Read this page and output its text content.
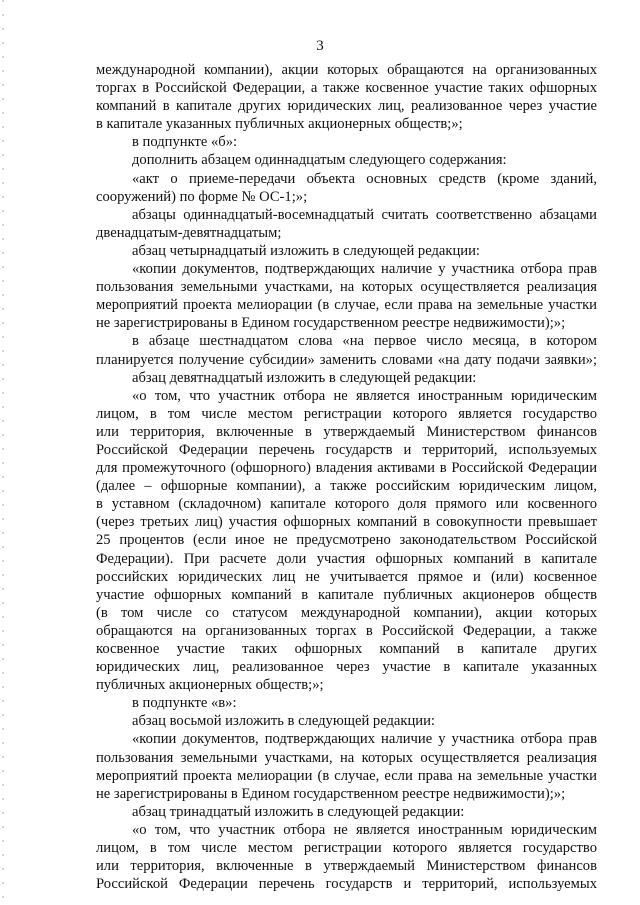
3
международной компании), акции которых обращаются на организованных
торгах в Российской Федерации, а также косвенное участие таких офшорных
компаний в капитале других юридических лиц, реализованное через участие
в капитале указанных публичных акционерных обществ;»;
в подпункте «б»:
дополнить абзацем одиннадцатым следующего содержания:
«акт о приеме-передачи объекта основных средств (кроме зданий,
сооружений) по форме № ОС-1;»;
абзацы одиннадцатый-восемнадцатый считать соответственно абзацами
двенадцатым-девятнадцатым;
абзац четырнадцатый изложить в следующей редакции:
«копии документов, подтверждающих наличие у участника отбора прав
пользования земельными участками, на которых осуществляется реализация
мероприятий проекта мелиорации (в случае, если права на земельные участки
не зарегистрированы в Едином государственном реестре недвижимости);»;
в абзаце шестнадцатом слова «на первое число месяца, в котором
планируется получение субсидии» заменить словами «на дату подачи заявки»;
абзац девятнадцатый изложить в следующей редакции:
«о том, что участник отбора не является иностранным юридическим
лицом, в том числе местом регистрации которого является государство
или территория, включенные в утверждаемый Министерством финансов
Российской Федерации перечень государств и территорий, используемых
для промежуточного (офшорного) владения активами в Российской Федерации
(далее – офшорные компании), а также российским юридическим лицом,
в уставном (складочном) капитале которого доля прямого или косвенного
(через третьих лиц) участия офшорных компаний в совокупности превышает
25 процентов (если иное не предусмотрено законодательством Российской
Федерации). При расчете доли участия офшорных компаний в капитале
российских юридических лиц не учитывается прямое и (или) косвенное
участие офшорных компаний в капитале публичных акционеров обществ
(в том числе со статусом международной компании), акции которых
обращаются на организованных торгах в Российской Федерации, а также
косвенное участие таких офшорных компаний в капитале других
юридических лиц, реализованное через участие в капитале указанных
публичных акционерных обществ;»;
в подпункте «в»:
абзац восьмой изложить в следующей редакции:
«копии документов, подтверждающих наличие у участника отбора прав
пользования земельными участками, на которых осуществляется реализация
мероприятий проекта мелиорации (в случае, если права на земельные участки
не зарегистрированы в Едином государственном реестре недвижимости);»;
абзац тринадцатый изложить в следующей редакции:
«о том, что участник отбора не является иностранным юридическим
лицом, в том числе местом регистрации которого является государство
или территория, включенные в утверждаемый Министерством финансов
Российской Федерации перечень государств и территорий, используемых
